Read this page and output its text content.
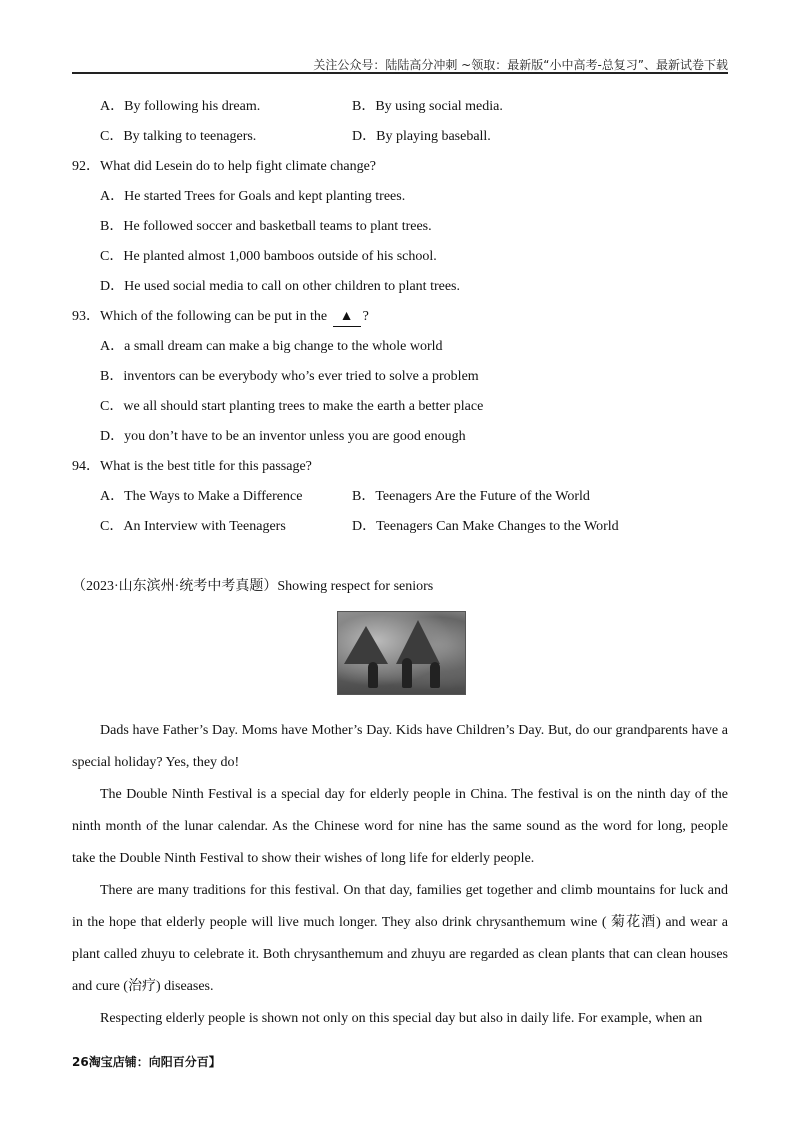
关注公众号：陆陆高分冲刺 ~领取：最新版“小中高考-总复习”、最新试卷下载
A．By following his dream.	B．By using social media.
C．By talking to teenagers.	D．By playing baseball.
92．What did Lesein do to help fight climate change?
A．He started Trees for Goals and kept planting trees.
B．He followed soccer and basketball teams to plant trees.
C．He planted almost 1,000 bamboos outside of his school.
D．He used social media to call on other children to plant trees.
93．Which of the following can be put in the ▲ ?
A．a small dream can make a big change to the whole world
B．inventors can be everybody who’s ever tried to solve a problem
C．we all should start planting trees to make the earth a better place
D．you don’t have to be an inventor unless you are good enough
94．What is the best title for this passage?
A．The Ways to Make a Difference	B．Teenagers Are the Future of the World
C．An Interview with Teenagers	D．Teenagers Can Make Changes to the World
（2023·山东滨州·统考中考真题）Showing respect for seniors

Dads have Father’s Day. Moms have Mother’s Day. Kids have Children’s Day. But, do our grandparents have a special holiday? Yes, they do!

The Double Ninth Festival is a special day for elderly people in China. The festival is on the ninth day of the ninth month of the lunar calendar. As the Chinese word for nine has the same sound as the word for long, people take the Double Ninth Festival to show their wishes of long life for elderly people.

There are many traditions for this festival. On that day, families get together and climb mountains for luck and in the hope that elderly people will live much longer. They also drink chrysanthemum wine ( 菊花酒) and wear a plant called zhuyu to celebrate it. Both chrysanthemum and zhuyu are regarded as clean plants that can clean houses and cure (治疗) diseases.

Respecting elderly people is shown not only on this special day but also in daily life. For example, when an

26淘宝店铺：向阳百分百】
